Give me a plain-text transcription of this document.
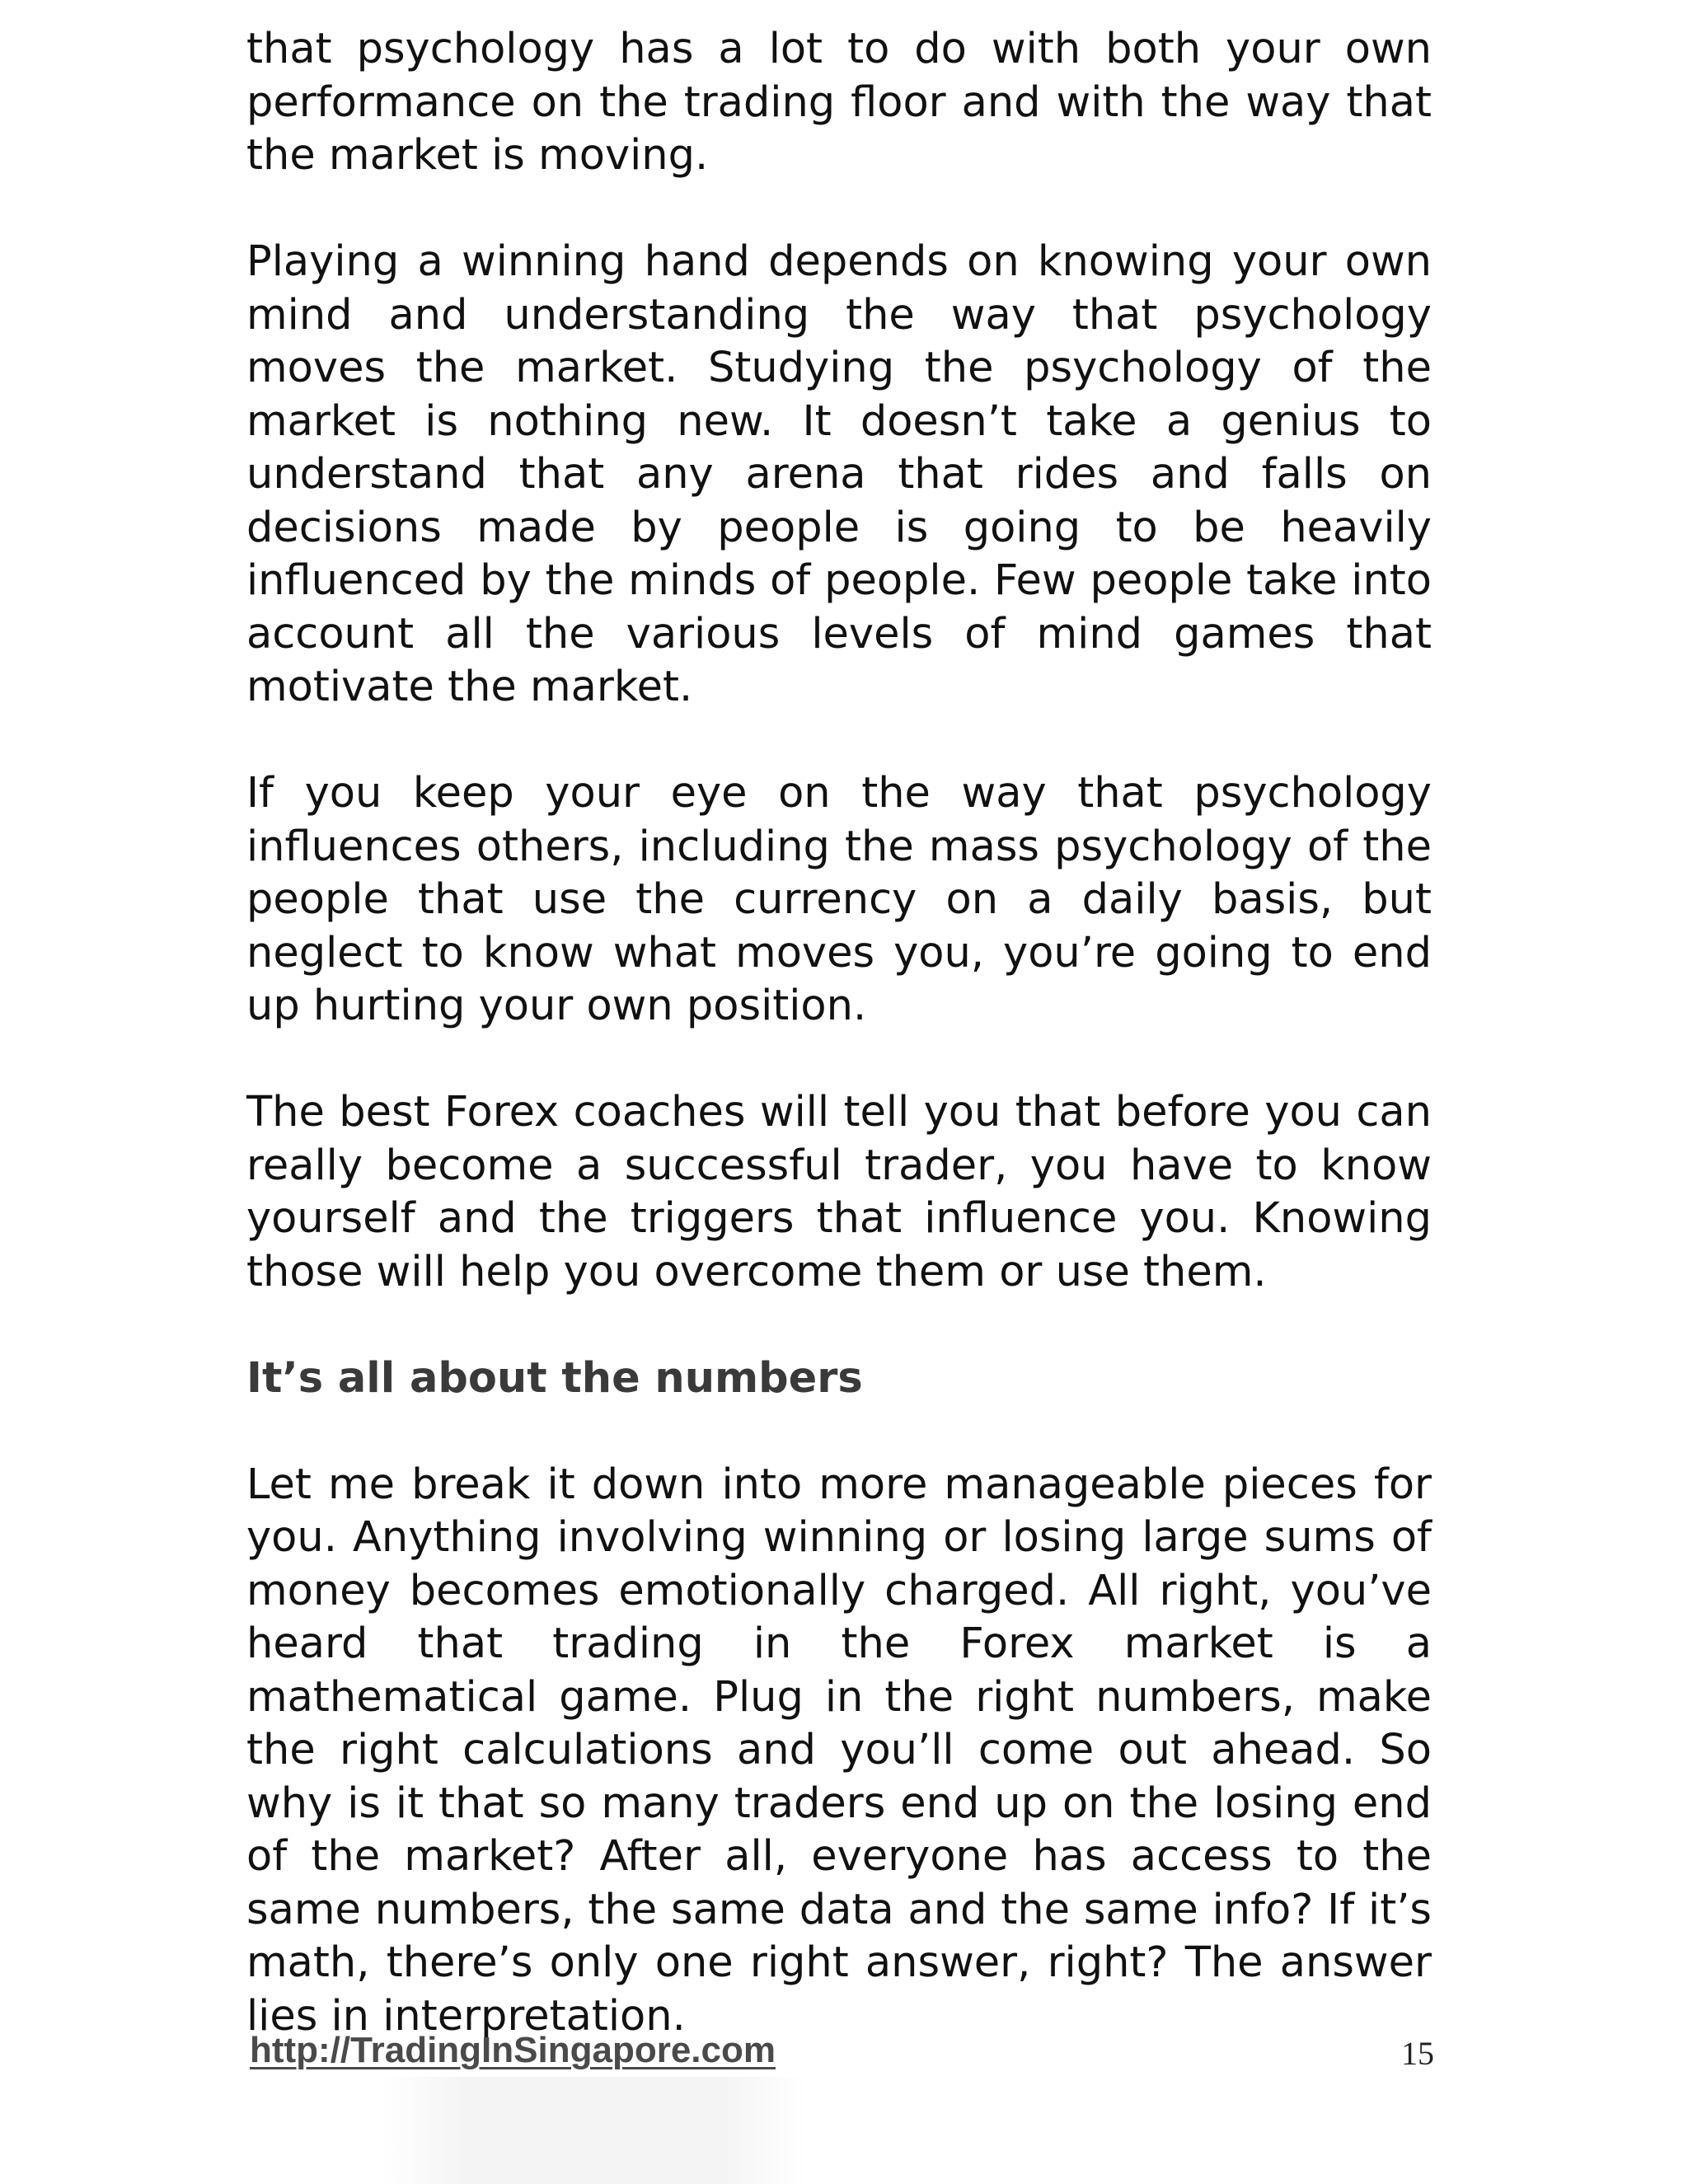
that psychology has a lot to do with both your own performance on the trading floor and with the way that the market is moving.

Playing a winning hand depends on knowing your own mind and understanding the way that psychology moves the market. Studying the psychology of the market is nothing new. It doesn’t take a genius to understand that any arena that rides and falls on decisions made by people is going to be heavily influenced by the minds of people. Few people take into account all the various levels of mind games that motivate the market.

If you keep your eye on the way that psychology influences others, including the mass psychology of the people that use the currency on a daily basis, but neglect to know what moves you, you’re going to end up hurting your own position.

The best Forex coaches will tell you that before you can really become a successful trader, you have to know yourself and the triggers that influence you. Knowing those will help you overcome them or use them.

It’s all about the numbers

Let me break it down into more manageable pieces for you. Anything involving winning or losing large sums of money becomes emotionally charged. All right, you’ve heard that trading in the Forex market is a mathematical game. Plug in the right numbers, make the right calculations and you’ll come out ahead. So why is it that so many traders end up on the losing end of the market? After all, everyone has access to the same numbers, the same data and the same info? If it’s math, there’s only one right answer, right? The answer lies in interpretation.

http://TradingInSingapore.com	15
